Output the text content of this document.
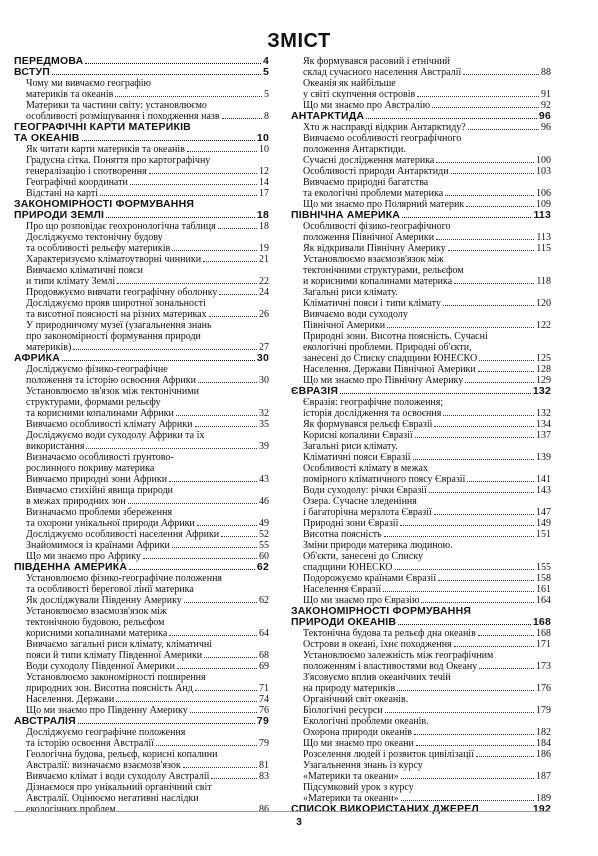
ЗМІСТ
ПЕРЕДМОВА	4
ВСТУП	5
Чому ми вивчаємо географію
материків та океанів	5
Материки та частини світу: установлюємо
особливості розміщування і походження назв	8
ГЕОГРАФІЧНІ КАРТИ МАТЕРИКІВ
ТА ОКЕАНІВ	10
Як читати карти материків та океанів	10
Градусна сітка. Поняття про картографічну
генералізацію і спотворення	12
Географічні координати	14
Відстані на карті	17
ЗАКОНОМІРНОСТІ ФОРМУВАННЯ
ПРИРОДИ ЗЕМЛІ	18
Про що розповідає геохронологічна таблиця	18
Досліджуємо тектонічну будову
та особливості рельєфу материків	19
Характеризуємо кліматоутворні чинники	21
Вивчаємо кліматичні пояси
и типи клімату Землі	22
Продовжуємо вивчати географічну оболонку	24
Досліджуємо прояв широтної зональності
та висотної поясності на різних материках	26
У природничому музеї (узагальнення знань
про закономірності формування природи
материків)	27
АФРИКА	30
Досліджуємо фізико-географічне
положення та історію освоєння Африки	30
Установлюємо зв'язок між тектонічними
структурами, формами рельєфу
та корисними копалинами Африки	32
Вивчаємо особливості клімату Африки	35
Досліджуємо води суходолу Африки та їх
використання	39
Визначаємо особливості ґрунтово-
рослинного покриву материка
Вивчаємо природні зони Африки	43
Вивчаємо стихійні явища природи
в межах природних зон	46
Визначаємо проблеми збереження
та охорони унікальної природи Африки	49
Досліджуємо особливості населення Африки	52
Знайомимося із країнами Африки	55
Що ми знаємо про Африку	60
ПІВДЕННА АМЕРИКА	62
Установлюємо фізико-географічне положення
та особливості берегової лінії материка
Як досліджували Південну Америку	62
Установлюємо взаємозв'язок між
тектонічною будовою, рельєфом
корисними копалинами материка	64
Вивчаємо загальні риси клімату, кліматичні
пояси й типи клімату Південної Америки	68
Води суходолу Південної Америки	69
Установлюємо закономірності поширення
природних зон. Висотна поясність Анд	71
Населення. Держави	74
Що ми знаємо про Південну Америку	76
АВСТРАЛІЯ	79
Досліджуємо географічне положення
та історію освоєння Австралії	79
Геологічна будова, рельєф, корисні копалини
Австралії: визначаємо взаємозв'язок	81
Вивчаємо клімат і води суходолу Австралії	83
Дізнаємося про унікальний органічний світ
Австралії. Оцінюємо негативні наслідки
екологічних проблем	86
Як формувався расовий і етнічний
склад сучасного населення Австралії	88
Океанія як найбільше
у світі скупчення островів	91
Що ми знаємо про Австралію	92
АНТАРКТИДА	96
Хто ж насправді відкрив Антарктиду?	96
Вивчаємо особливості географічного
положення Антарктиди.
Сучасні дослідження материка	100
Особливості природи Антарктиди	103
Вивчаємо природні багатства
та екологічні проблеми материка	106
Що ми знаємо про Полярний материк	109
ПІВНІЧНА АМЕРИКА	113
Особливості фізико-географічного
положення Північної Америки	113
Як відкривали Північну Америку	115
Установлюємо взаємозв'язок між
тектонічними структурами, рельєфом
и корисними копалинами материка	118
Загальні риси клімату.
Кліматичні пояси і типи клімату	120
Вивчаємо води суходолу
Північної Америки	122
Природні зони. Висотна поясність. Сучасні
екологічні проблеми. Природні об'єкти,
занесені до Списку спадщини ЮНЕСКО	125
Населення. Держави Північної Америки	128
Що ми знаємо про Північну Америку	129
ЄВРАЗІЯ	132
Євразія: географічне положення;
історія дослідження та освоєння	132
Як формувався рельєф Євразії	134
Корисні копалини Євразії	137
Загальні риси клімату.
Кліматичні пояси Євразії	139
Особливості клімату в межах
помірного кліматичного поясу Євразії	141
Води суходолу: річки Євразії	143
Озера. Сучасне зледеніння
і багаторічна мерзлота Євразії	147
Природні зони Євразії	149
Висотна поясність	151
Зміни природи материка людиною.
Об'єкти, занесені до Списку
спадщини ЮНЕСКО	155
Подорожуємо країнами Євразії	158
Населення Євразії	161
Що ми знаємо про Євразію	164
ЗАКОНОМІРНОСТІ ФОРМУВАННЯ
ПРИРОДИ ОКЕАНІВ	168
Тектонічна будова та рельєф дна океанів	168
Острови в океані, їхнє походження	171
Установлюємо залежність між географічним
положенням і властивостями вод Океану	173
З'ясовуємо вплив океанічних течій
на природу материків	176
Органічний світ океанів.
Біологічні ресурси	179
Екологічні проблеми океанів.
Охорона природи океанів	182
Що ми знаємо про океани	184
Розселення людей і розвиток цивілізації	186
Узагальнення знань із курсу
«Материки та океани»	187
Підсумковий урок з курсу
«Материки та океани»	189
СПИСОК ВИКОРИСТАНИХ ДЖЕРЕЛ	192
3
